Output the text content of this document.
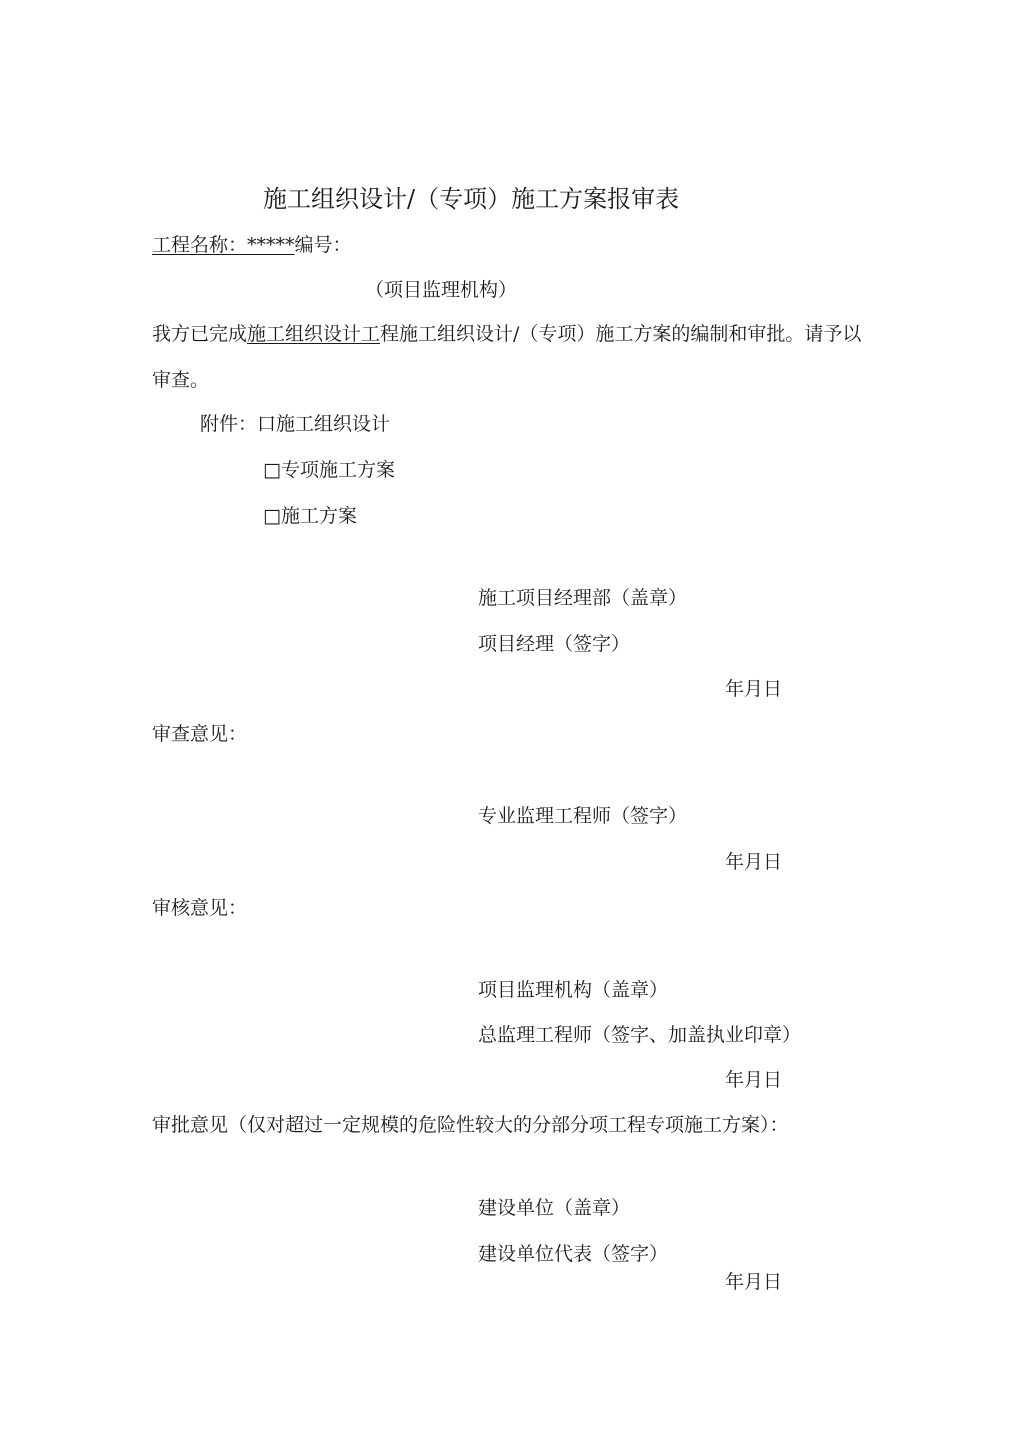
施工组织设计/（专项）施工方案报审表
工程名称：*****编号：
（项目监理机构）
我方已完成施工组织设计工程施工组织设计/（专项）施工方案的编制和审批。请予以
审查。
附件：口施工组织设计
□专项施工方案
□施工方案
施工项目经理部（盖章）
项目经理（签字）
年月日
审查意见：
专业监理工程师（签字）
年月日
审核意见：
项目监理机构（盖章）
总监理工程师（签字、加盖执业印章）
年月日
审批意见（仅对超过一定规模的危险性较大的分部分项工程专项施工方案）：
建设单位（盖章）
建设单位代表（签字）
年月日
